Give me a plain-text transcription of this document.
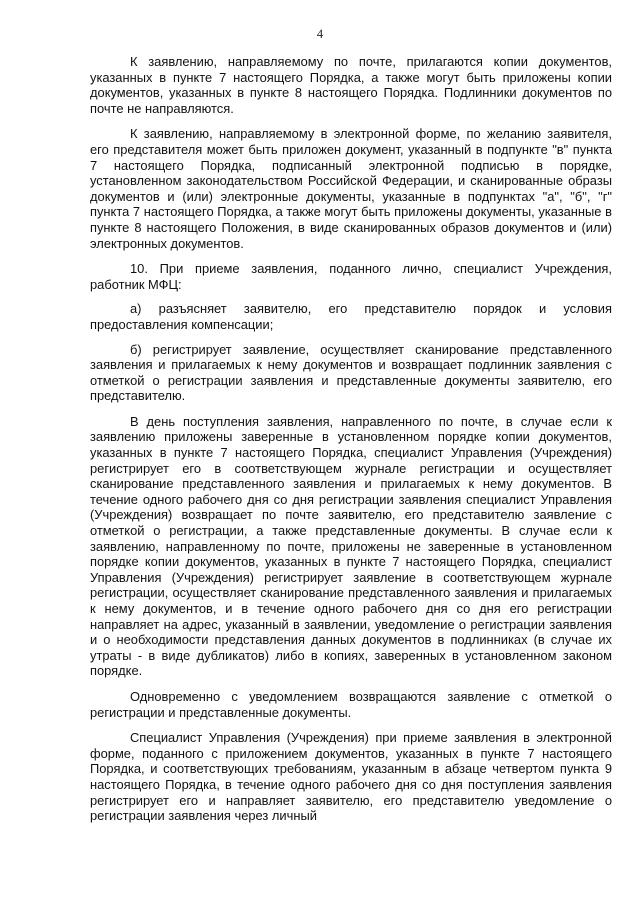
4

К заявлению, направляемому по почте, прилагаются копии документов, указанных в пункте 7 настоящего Порядка, а также могут быть приложены копии документов, указанных в пункте 8 настоящего Порядка. Подлинники документов по почте не направляются.

К заявлению, направляемому в электронной форме, по желанию заявителя, его представителя может быть приложен документ, указанный в подпункте "в" пункта 7 настоящего Порядка, подписанный электронной подписью в порядке, установленном законодательством Российской Федерации, и сканированные образы документов и (или) электронные документы, указанные в подпунктах "а", "б", "г" пункта 7 настоящего Порядка, а также могут быть приложены документы, указанные в пункте 8 настоящего Положения, в виде сканированных образов документов и (или) электронных документов.

10. При приеме заявления, поданного лично, специалист Учреждения, работник МФЦ:

а) разъясняет заявителю, его представителю порядок и условия предоставления компенсации;

б) регистрирует заявление, осуществляет сканирование представленного заявления и прилагаемых к нему документов и возвращает подлинник заявления с отметкой о регистрации заявления и представленные документы заявителю, его представителю.

В день поступления заявления, направленного по почте, в случае если к заявлению приложены заверенные в установленном порядке копии документов, указанных в пункте 7 настоящего Порядка, специалист Управления (Учреждения) регистрирует его в соответствующем журнале регистрации и осуществляет сканирование представленного заявления и прилагаемых к нему документов. В течение одного рабочего дня со дня регистрации заявления специалист Управления (Учреждения) возвращает по почте заявителю, его представителю заявление с отметкой о регистрации, а также представленные документы. В случае если к заявлению, направленному по почте, приложены не заверенные в установленном порядке копии документов, указанных в пункте 7 настоящего Порядка, специалист Управления (Учреждения) регистрирует заявление в соответствующем журнале регистрации, осуществляет сканирование представленного заявления и прилагаемых к нему документов, и в течение одного рабочего дня со дня его регистрации направляет на адрес, указанный в заявлении, уведомление о регистрации заявления и о необходимости представления данных документов в подлинниках (в случае их утраты - в виде дубликатов) либо в копиях, заверенных в установленном законом порядке.

Одновременно с уведомлением возвращаются заявление с отметкой о регистрации и представленные документы.

Специалист Управления (Учреждения) при приеме заявления в электронной форме, поданного с приложением документов, указанных в пункте 7 настоящего Порядка, и соответствующих требованиям, указанным в абзаце четвертом пункта 9 настоящего Порядка, в течение одного рабочего дня со дня поступления заявления регистрирует его и направляет заявителю, его представителю уведомление о регистрации заявления через личный
